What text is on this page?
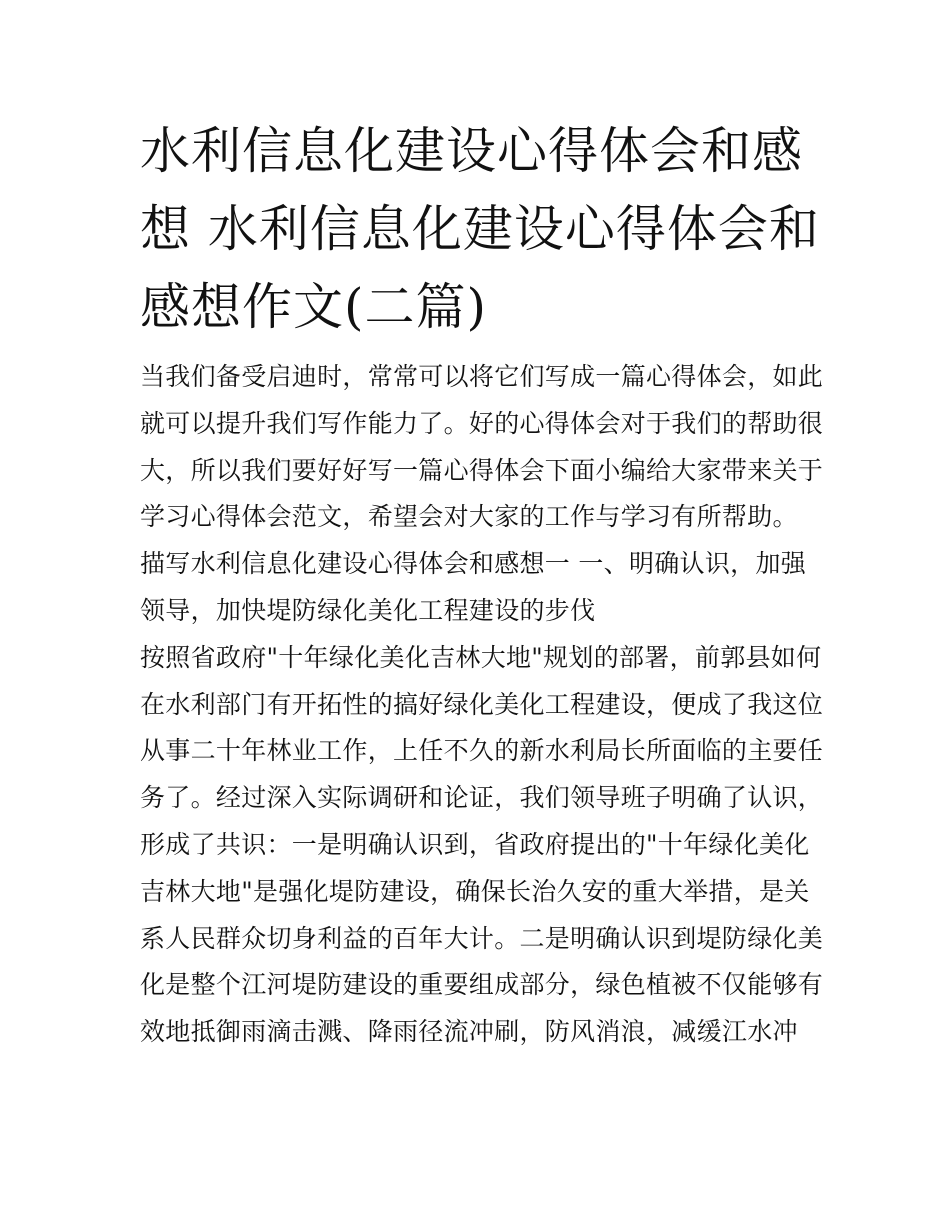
水利信息化建设心得体会和感
想 水利信息化建设心得体会和
感想作文(二篇)
当我们备受启迪时，常常可以将它们写成一篇心得体会，如此
就可以提升我们写作能力了。好的心得体会对于我们的帮助很
大，所以我们要好好写一篇心得体会下面小编给大家带来关于
学习心得体会范文，希望会对大家的工作与学习有所帮助。
描写水利信息化建设心得体会和感想一 一、明确认识，加强
领导，加快堤防绿化美化工程建设的步伐
按照省政府"十年绿化美化吉林大地"规划的部署，前郭县如何
在水利部门有开拓性的搞好绿化美化工程建设，便成了我这位
从事二十年林业工作，上任不久的新水利局长所面临的主要任
务了。经过深入实际调研和论证，我们领导班子明确了认识，
形成了共识：一是明确认识到，省政府提出的"十年绿化美化
吉林大地"是强化堤防建设，确保长治久安的重大举措，是关
系人民群众切身利益的百年大计。二是明确认识到堤防绿化美
化是整个江河堤防建设的重要组成部分，绿色植被不仅能够有
效地抵御雨滴击溅、降雨径流冲刷，防风消浪，减缓江水冲
